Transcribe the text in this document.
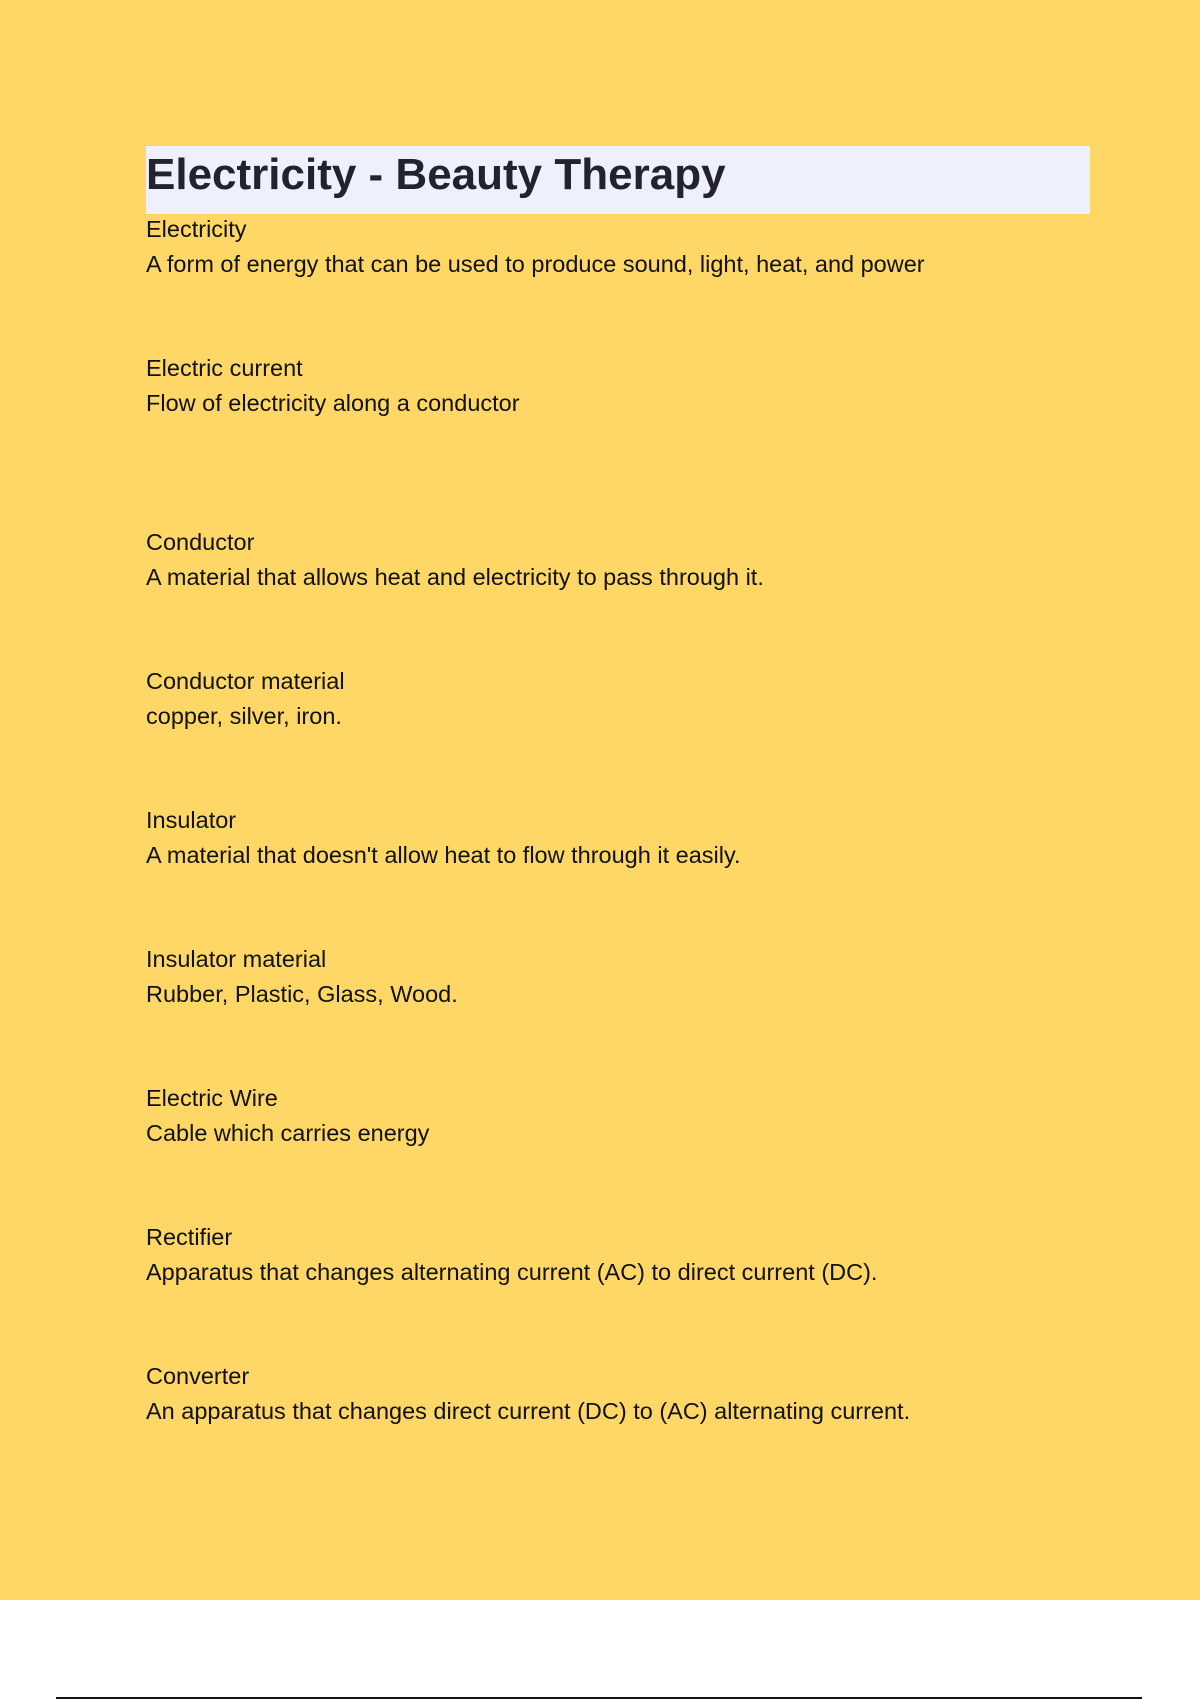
Electricity - Beauty Therapy
Electricity
A form of energy that can be used to produce sound, light, heat, and power
Electric current
Flow of electricity along a conductor
Conductor
A material that allows heat and electricity to pass through it.
Conductor material
copper, silver, iron.
Insulator
A material that doesn't allow heat to flow through it easily.
Insulator material
Rubber, Plastic, Glass, Wood.
Electric Wire
Cable which carries energy
Rectifier
Apparatus that changes alternating current (AC) to direct current (DC).
Converter
An apparatus that changes direct current (DC) to (AC) alternating current.
